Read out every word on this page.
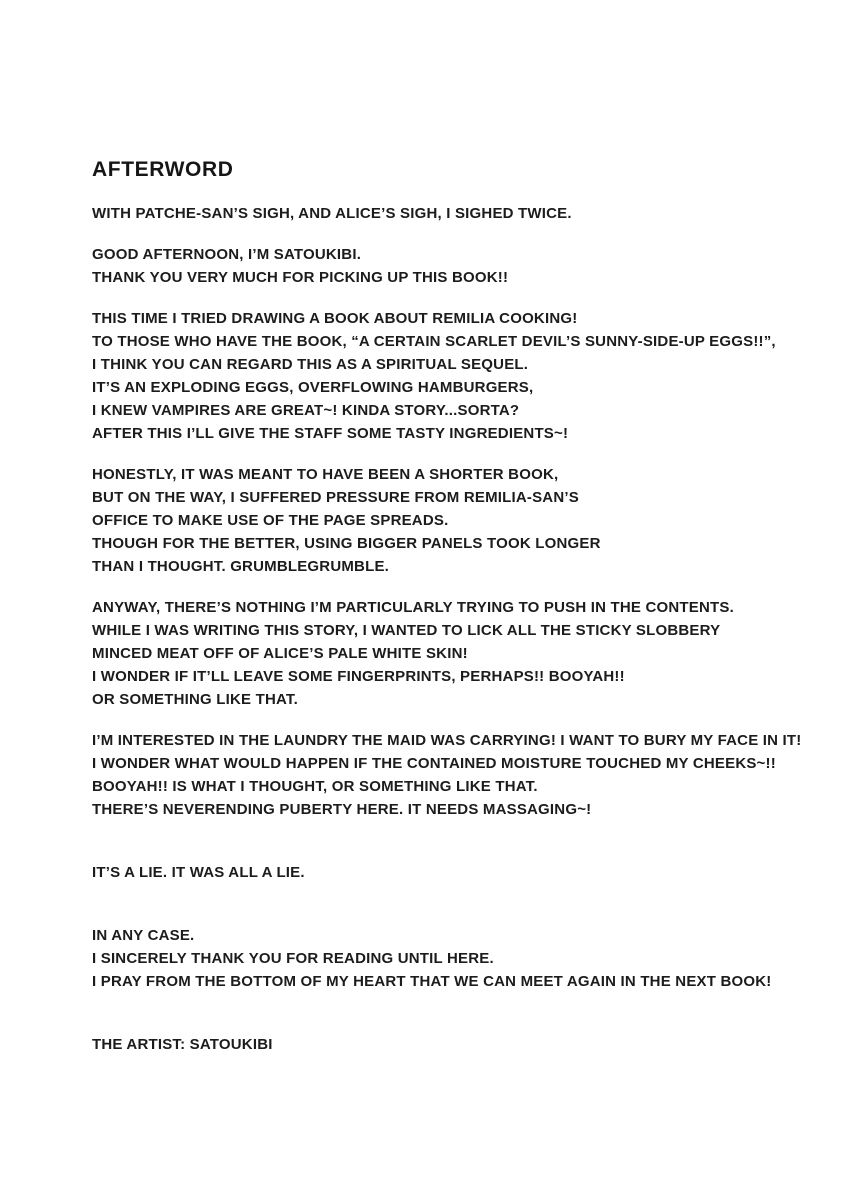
AFTERWORD

WITH PATCHE-SAN’S SIGH, AND ALICE’S SIGH, I SIGHED TWICE.

GOOD AFTERNOON, I’M SATOUKIBI.
THANK YOU VERY MUCH FOR PICKING UP THIS BOOK!!

THIS TIME I TRIED DRAWING A BOOK ABOUT REMILIA COOKING!
TO THOSE WHO HAVE THE BOOK, “A CERTAIN SCARLET DEVIL’S SUNNY-SIDE-UP EGGS!!”,
I THINK YOU CAN REGARD THIS AS A SPIRITUAL SEQUEL.
IT’S AN EXPLODING EGGS, OVERFLOWING HAMBURGERS,
I KNEW VAMPIRES ARE GREAT~! KINDA STORY...SORTA?
AFTER THIS I’LL GIVE THE STAFF SOME TASTY INGREDIENTS~!

HONESTLY, IT WAS MEANT TO HAVE BEEN A SHORTER BOOK,
BUT ON THE WAY, I SUFFERED PRESSURE FROM REMILIA-SAN’S
OFFICE TO MAKE USE OF THE PAGE SPREADS.
THOUGH FOR THE BETTER, USING BIGGER PANELS TOOK LONGER
THAN I THOUGHT. GRUMBLEGRUMBLE.

ANYWAY, THERE’S NOTHING I’M PARTICULARLY TRYING TO PUSH IN THE CONTENTS.
WHILE I WAS WRITING THIS STORY, I WANTED TO LICK ALL THE STICKY SLOBBERY
MINCED MEAT OFF OF ALICE’S PALE WHITE SKIN!
I WONDER IF IT’LL LEAVE SOME FINGERPRINTS, PERHAPS!! BOOYAH!!
OR SOMETHING LIKE THAT.

I’M INTERESTED IN THE LAUNDRY THE MAID WAS CARRYING! I WANT TO BURY MY FACE IN IT!
I WONDER WHAT WOULD HAPPEN IF THE CONTAINED MOISTURE TOUCHED MY CHEEKS~!!
BOOYAH!! IS WHAT I THOUGHT, OR SOMETHING LIKE THAT.
THERE’S NEVERENDING PUBERTY HERE. IT NEEDS MASSAGING~!

IT’S A LIE. IT WAS ALL A LIE.

IN ANY CASE.
I SINCERELY THANK YOU FOR READING UNTIL HERE.
I PRAY FROM THE BOTTOM OF MY HEART THAT WE CAN MEET AGAIN IN THE NEXT BOOK!

THE ARTIST: SATOUKIBI
